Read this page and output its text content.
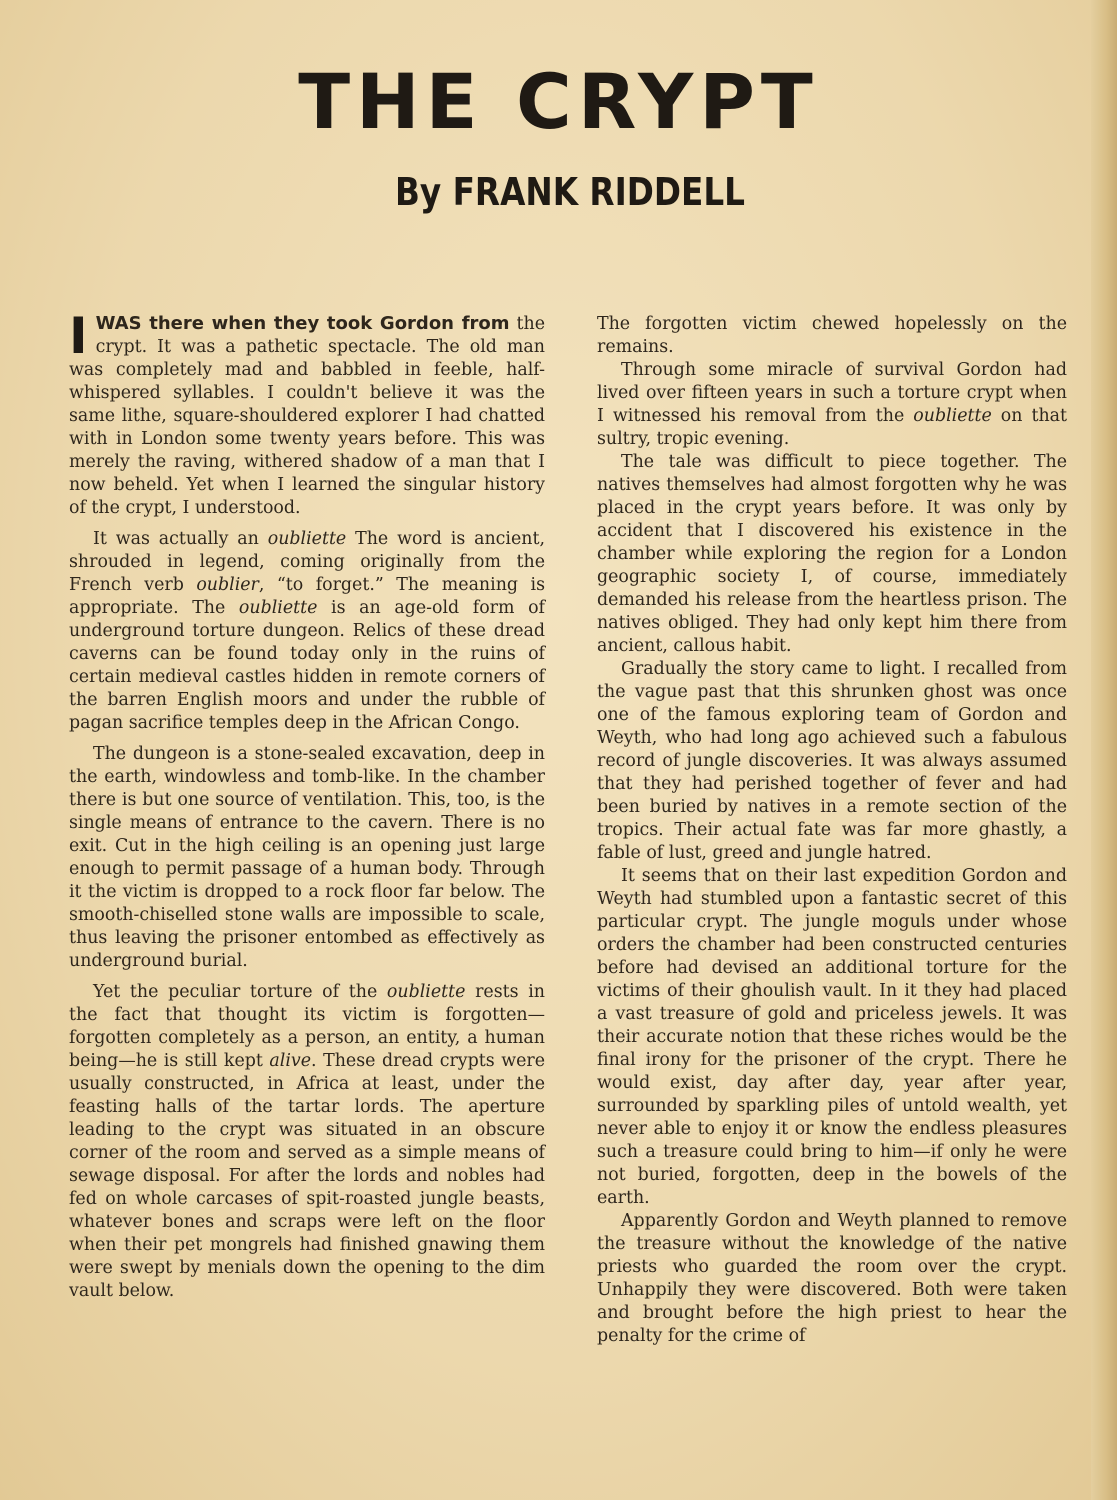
THE CRYPT
By FRANK RIDDELL

IWAS there when they took Gordon from the crypt. It was a pathetic spectacle. The old man was completely mad and babbled in feeble, half-whispered syllables. I couldn't believe it was the same lithe, square-shouldered explorer I had chatted with in London some twenty years before. This was merely the raving, withered shadow of a man that I now beheld. Yet when I learned the singular history of the crypt, I understood.

It was actually an oubliette The word is ancient, shrouded in legend, coming originally from the French verb oublier, “to forget.” The meaning is appropriate. The oubliette is an age-old form of underground torture dungeon. Relics of these dread caverns can be found today only in the ruins of certain medieval castles hidden in remote corners of the barren English moors and under the rubble of pagan sacrifice temples deep in the African Congo.

The dungeon is a stone-sealed excavation, deep in the earth, windowless and tomb-like. In the chamber there is but one source of ventilation. This, too, is the single means of entrance to the cavern. There is no exit. Cut in the high ceiling is an opening just large enough to permit passage of a human body. Through it the victim is dropped to a rock floor far below. The smooth-chiselled stone walls are impossible to scale, thus leaving the prisoner entombed as effectively as underground burial.

Yet the peculiar torture of the oubliette rests in the fact that thought its victim is forgotten—forgotten completely as a person, an entity, a human being—he is still kept alive. These dread crypts were usually constructed, in Africa at least, under the feasting halls of the tartar lords. The aperture leading to the crypt was situated in an obscure corner of the room and served as a simple means of sewage disposal. For after the lords and nobles had fed on whole carcases of spit-roasted jungle beasts, whatever bones and scraps were left on the floor when their pet mongrels had finished gnawing them were swept by menials down the opening to the dim vault below.

The forgotten victim chewed hopelessly on the remains.

Through some miracle of survival Gordon had lived over fifteen years in such a torture crypt when I witnessed his removal from the oubliette on that sultry, tropic evening.

The tale was difficult to piece together. The natives themselves had almost forgotten why he was placed in the crypt years before. It was only by accident that I discovered his existence in the chamber while exploring the region for a London geographic society I, of course, immediately demanded his release from the heartless prison. The natives obliged. They had only kept him there from ancient, callous habit.

Gradually the story came to light. I recalled from the vague past that this shrunken ghost was once one of the famous exploring team of Gordon and Weyth, who had long ago achieved such a fabulous record of jungle discoveries. It was always assumed that they had perished together of fever and had been buried by natives in a remote section of the tropics. Their actual fate was far more ghastly, a fable of lust, greed and jungle hatred.

It seems that on their last expedition Gordon and Weyth had stumbled upon a fantastic secret of this particular crypt. The jungle moguls under whose orders the chamber had been constructed centuries before had devised an additional torture for the victims of their ghoulish vault. In it they had placed a vast treasure of gold and priceless jewels. It was their accurate notion that these riches would be the final irony for the prisoner of the crypt. There he would exist, day after day, year after year, surrounded by sparkling piles of untold wealth, yet never able to enjoy it or know the endless pleasures such a treasure could bring to him—if only he were not buried, forgotten, deep in the bowels of the earth.

Apparently Gordon and Weyth planned to remove the treasure without the knowledge of the native priests who guarded the room over the crypt. Unhappily they were discovered. Both were taken and brought before the high priest to hear the penalty for the crime of
